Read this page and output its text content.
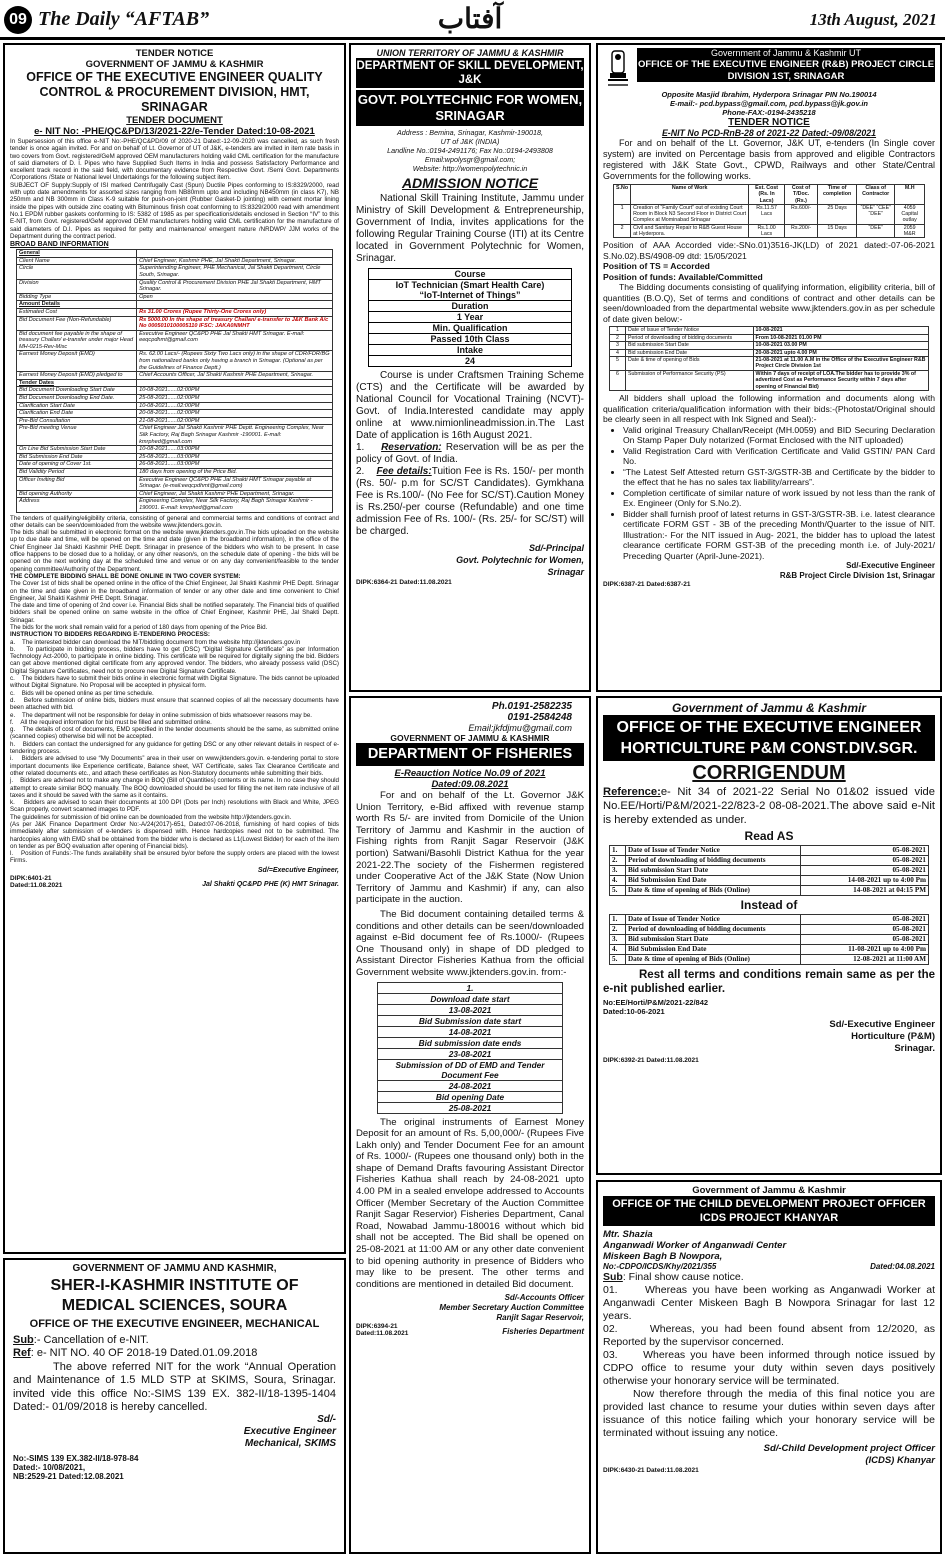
09 The Daily “AFTAB”	آفتاب	13th August, 2021
TENDER NOTICE
GOVERNMENT OF JAMMU & KASHMIR
OFFICE OF THE EXECUTIVE ENGINEER QUALITY CONTROL & PROCUREMENT DIVISION, HMT, SRINAGAR
TENDER DOCUMENT
e- NIT No: -PHE/QC&PD/13/2021-22/e-Tender Dated:10-08-2021

In Supersession of this office e-NIT No:-PHE/QC&PD/09 of 2020-21 Dated:-12-09-2020 was cancelled, as such fresh tender is once again invited. For and on behalf of Lt. Governor of UT of J&K, e-tenders are invited in item rate basis in two covers from Govt. registered/GeM approved OEM manufacturers holding valid CML certification for the manufacture of said diameters of D. I. Pipes who have Supplied Such Items in India and possess Satisfactory Performance and excellent track record in the said field, with documentary evidence from Respective Govt. /Semi Govt. Departments /Corporations /State or National level Undertakings for the following subject item.

SUBJECT OF Supply:Supply of ISI marked Centrifugally Cast (Spun) Ductile Pipes conforming to IS:8329/2000, read with upto date amendments for assorted sizes ranging from NB80mm upto and including NB450mm (in class K7), NB 250mm and NB 300mm in Class K-9 suitable for push-on-joint (Rubber Gasket-D jointing) with cement mortar lining inside the pipes with outside zinc coating with Bituminous finish coat conforming to IS:8329/2000 read with amendment No.1 EPDM rubber gaskets conforming to IS: 5382 of 1985 as per specifications/details enclosed in Section “IV” to this E-NIT, from Govt. registered/GeM approved OEM manufacturers holding valid CML certification for the manufacture of said diameters of D.I. Pipes as required for petty and maintenance/ emergent nature /NRDWP/ JJM works of the Department during the contract period.

BROAD BAND INFORMATION
General	
Client Name	Chief Engineer, Kashmir PHE, Jal Shakti Department, Srinagar.
Circle	Superintending Engineer, PHE Mechanical, Jal Shakti Department, Circle South, Srinagar.
Division	Quality Control & Procurement Division PHE Jal Shakti Department, HMT Srinagar.
Bidding Type	Open
Amount Details	
Estimated Cost	Rs 31.00 Crores (Rupee Thirty-One Crores only)
Bid Document Fee (Non-Refundable)	Rs 5000.00 In the shape of treasury Challan/ e-transfer to J&K Bank A/c No 0005010100005110 IFSC: JAKA0NMHT
Bid document fee payable in the shape of treasury Challan/ e-transfer under major Head MH-0215-Rev-Misc	Executive Engineer QC&PD PHE Jal Shakti HMT Srinagar. E-mail: eeqcpdhmt@gmail.com
Earnest Money Deposit (EMD)	Rs. 62.00 Lacs/- (Rupees Sixty Two Lacs only) in the shape of CDR/FDR/BG from nationalized banks only having a branch in Srinagar. (Optional as per the Guidelines of Finance Deptt.)
Earnest Money Deposit (EMD) pledged to	Chief Accounts Officer, Jal Shakti Kashmir PHE Department, Srinagar.
Tender Dates	
Bid Document Downloading Start Date	10-08-2021......02:00PM
Bid Document Downloading End Date.	25-08-2021......02:00PM
Clarification Start Date	10-08-2021......02:00PM
Clarification End Date	20-08-2021......02:00PM
Pre-Bid Consultation	21-08-2021......02:00PM
Pre-Bid meeting Venue	Chief Engineer Jal Shakti Kashmir PHE Deptt. Engineering Complex, Near Silk Factory, Raj Bagh Srinagar Kashmir -190001. E-mail: kmrphed@gmail.com
On Line Bid Submission Start Date	10-08-2021......03:00PM
Bid Submission End Date	25-08-2021......03:00PM
Date of opening of Cover 1st.	26-08-2021......03:00PM
Bid Validity Period	180 days from opening of the Price Bid.
Officer Inviting Bid	Executive Engineer QC&PD PHE Jal Shakti HMT Srinagar payable at Srinagar. (e-mail:eeqcpdhmt@gmail.com)
Bid opening Authority	Chief Engineer, Jal Shakti Kashmir PHE Department, Srinagar.
Address	Engineering Complex, Near Silk Factory, Raj Bagh Srinagar Kashmir - 190001. E-mail: kmrphed@gmail.com

The tenders of qualifying/eligibility criteria, consisting of general and commercial terms and conditions of contract and other details can be seen/downloaded from the website www.jktenders.gov.in.

The bids shall be submitted in electronic format on the website www.jktenders.gov.in.The bids uploaded on the website up to due date and time, will be opened on the time and date (given in the broadband information), in the office of the Chief Engineer Jal Shakti Kashmir PHE Deptt. Srinagar in presence of the bidders who wish to be present. In case office happens to be closed due to a holiday, or any other reason/s, on the schedule date of opening - the bids will be opened on the next working day at the scheduled time and venue or on any day convenient/feasible to the tender opening committee/Authority of the Department.

THE COMPLETE BIDDING SHALL BE DONE ONLINE IN TWO COVER SYSTEM:

The Cover 1st of bids shall be opened online in the office of the Chief Engineer, Jal Shakti Kashmir PHE Deptt. Srinagar on the time and date given in the broadband information of tender or any other date and time convenient to Chief Engineer, Jal Shakti Kashmir PHE Deptt. Srinagar.

The date and time of opening of 2nd cover i.e. Financial Bids shall be notified separately. The Financial bids of qualified bidders shall be opened online on same website in the office of Chief Engineer, Kashmir PHE, Jal Shakti Deptt. Srinagar.

The bids for the work shall remain valid for a period of 180 days from opening of the Price Bid.

INSTRUCTION TO BIDDERS REGARDING E-TENDERING PROCESS:

a.    The interested bidder can download the NIT/bidding document from the website http://jktenders.gov.in

b.    To participate in bidding process, bidders have to get (DSC) “Digital Signature Certificate” as per Information Technology Act-2000, to participate in online bidding. This certificate will be required for digitally signing the bid. Bidders can get above mentioned digital certificate from any approved vendor. The bidders, who already possess valid (DSC) Digital Signature Certificates, need not to procure new Digital Signature Certificate.

c.    The bidders have to submit their bids online in electronic format with Digital Signature. The bids cannot be uploaded without Digital Signature. No Proposal will be accepted in physical form.

c.    Bids will be opened online as per time schedule.

d.    Before submission of online bids, bidders must ensure that scanned copies of all the necessary documents have been attached with bid.

e.    The department will not be responsible for delay in online submission of bids whatsoever reasons may be.

f.    All the required information for bid must be filled and submitted online.

g.    The details of cost of documents, EMD specified in the tender documents should be the same, as submitted online (scanned copies) otherwise bid will not be accepted.

h.    Bidders can contact the undersigned for any guidance for getting DSC or any other relevant details in respect of e-tendering process.

i.    Bidders are advised to use “My Documents” area in their user on www.jktenders.gov.in. e-tendering portal to store important documents like Experience certificate, Balance sheet, VAT Certificate, sales Tax Clearance Certificate and other related documents etc., and attach these certificates as Non-Statutory documents while submitting their bids.

j.    Bidders are advised not to make any change in BOQ (Bill of Quantities) contents or its name. In no case they should attempt to create similar BOQ manually. The BOQ downloaded should be used for filling the net item rate inclusive of all taxes and it should be saved with the same as it contains.

k.    Bidders are advised to scan their documents at 100 DPI (Dots per Inch) resolutions with Black and White, JPEG Scan properly, convert scanned images to PDF.

The guidelines for submission of bid online can be downloaded from the website http://jktenders.gov.in.

(As per J&K Finance Department Order No:-A/24(2017)-651, Dated:07-06-2018, furnishing of hard copies of bids immediately after submission of e-tenders is dispensed with. Hence hardcopies need not to be submitted. The hardcopies along with EMD shall be obtained from the bidder who is declared as L1(Lowest Bidder) for each of the item on tender as per BOQ evaluation after opening of Financial bids).

l.    Position of Funds:-The funds availability shall be ensured by/or before the supply orders are placed with the lowest Firms.

Sd/=Executive Engineer,
DIPK:6401-21
Dated:11.08.2021	Jal Shakti QC&PD PHE (K) HMT Srinagar.
GOVERNMENT OF JAMMU AND KASHMIR,
SHER-I-KASHMIR INSTITUTE OF MEDICAL SCIENCES, SOURA
OFFICE OF THE EXECUTIVE ENGINEER, MECHANICAL
Sub:- Cancellation of e-NIT.
Ref: e- NIT NO. 40 OF 2018-19 Dated.01.09.2018

The above referred NIT for the work “Annual Operation and Maintenance of 1.5 MLD STP at SKIMS, Soura, Srinagar. invited vide this office No:-SIMS 139 EX. 382-II/18-1395-1404 Dated:- 01/09/2018 is hereby cancelled.

Sd/-
Executive Engineer
Mechanical, SKIMS
No:-SIMS 139 EX.382-II/18-978-84
Dated:- 10/08/2021,
NB:2529-21 Dated:12.08.2021
UNION TERRITORY OF JAMMU & KASHMIR
DEPARTMENT OF SKILL DEVELOPMENT, J&K
GOVT. POLYTECHNIC FOR WOMEN, SRINAGAR
Address : Bemina, Srinagar, Kashmir-190018,
UT of J&K (INDIA)
Landline No.:0194-2491176; Fax No.:0194-2493808
Email:wpolysgr@gmail.com;
Website: http://womenpolytechnic.in
ADMISSION NOTICE

National Skill Training Institute, Jammu under Ministry of Skill Development & Entrepreneurship, Government of India, invites applications for the following Regular Training Course (ITI) at its Centre located in Government Polytechnic for Women, Srinagar.

Course
IoT Technician (Smart Health Care)
“IoT-Internet of Things”
Duration
1 Year
Min. Qualification
Passed 10th Class
Intake
24

Course is under Craftsmen Training Scheme (CTS) and the Certificate will be awarded by National Council for Vocational Training (NCVT)-Govt. of India.Interested candidate may apply online at www.nimionlineadmission.in.The Last Date of application is 16th August 2021.

1.    Reservation: Reservation will be as per the policy of Govt. of India.

2.    Fee details:Tuition Fee is Rs. 150/- per month (Rs. 50/- p.m for SC/ST Candidates). Gymkhana Fee is Rs.100/- (No Fee for SC/ST).Caution Money is Rs.250/-per course (Refundable) and one time admission Fee of Rs. 100/- (Rs. 25/- for SC/ST) will be charged.

Sd/-Principal
Govt. Polytechnic for Women,
Srinagar
DIPK:6364-21 Dated:11.08.2021
Ph.0191-2582235
0191-2584248
Email:jkfdjmu@gmail.com
GOVERNMENT OF JAMMU & KASHMIR
DEPARTMENT OF FISHERIES
E-Reauction Notice No.09 of 2021
Dated:09.08.2021

For and on behalf of the Lt. Governor J&K Union Territory, e-Bid affixed with revenue stamp worth Rs 5/- are invited from Domicile of the Union Territory of Jammu and Kashmir in the auction of Fishing rights from Ranjit Sagar Reservoir (J&K portion) Satwani/Basohli District Kathua for the year 2021-22.The society of the Fishermen registered under Cooperative Act of the J&K State (Now Union Territory of Jammu and Kashmir) if any, can also participate in the auction.

The Bid document containing detailed terms & conditions and other details can be seen/downloaded against e-Bid document fee of Rs.1000/- (Rupees One Thousand only) in shape of DD pledged to Assistant Director Fisheries Kathua from the official Government website www.jktenders.gov.in. from:-

1.
Download date start
13-08-2021
Bid Submission date start
14-08-2021
Bid submission date ends
23-08-2021
Submission of DD of EMD and Tender Document Fee
24-08-2021
Bid opening Date
25-08-2021

The original instruments of Earnest Money Deposit for an amount of Rs. 5,00,000/- (Rupees Five Lakh only) and Tender Document Fee for an amount of Rs. 1000/- (Rupees one thousand only) both in the shape of Demand Drafts favouring Assistant Director Fisheries Kathua shall reach by 24-08-2021 upto 4.00 PM in a sealed envelope addressed to Accounts Officer (Member Secretary of the Auction Committee Ranjit Sagar Reservior) Fisheries Department, Canal Road, Nowabad Jammu-180016 without which bid shall not be accepted. The Bid shall be opened on 25-08-2021 at 11:00 AM or any other date convenient to bid opening authority in presence of Bidders who may like to be present. The other terms and conditions are mentioned in detailed Bid document.

Sd/-Accounts Officer
Member Secretary Auction Committee
Ranjit Sagar Reservoir,
DIPK:6394-21
Dated:11.08.2021	Fisheries Department
Government of Jammu & Kashmir UT
OFFICE OF THE EXECUTIVE ENGINEER (R&B) PROJECT CIRCLE DIVISION 1ST, SRINAGAR
Opposite Masjid Ibrahim, Hyderpora Srinagar PIN No.190014
E-mail:- pcd.bypass@gmail.com, pcd.bypass@jk.gov.in
Phone-FAX:-0194-2435218
TENDER NOTICE
E-NIT No PCD-RnB-28 of 2021-22 Dated:-09/08/2021

For and on behalf of the Lt. Governor, J&K UT, e-tenders (In Single cover system) are invited on Percentage basis from approved and eligible Contractors registered with J&K State Govt., CPWD, Railways and other State/Central Governments for the following works.

S.No	Name of Work	Est. Cost (Rs. In Lacs)	Cost of T/Doc. (Rs.)	Time of completion	Class of Contractor	M.H
1	Creation of “Family Court” out of existing Court Room in Block N3 Second Floor in District Court Complex at Mominabad Srinagar	Rs.11.57 Lacs	Rs.600/-	25 Days	“DEE” “CEE” “DEE”	4059 Capital outlay
2	Civil and Sanitary Repair to R&B Guest House at Hyderpora.	Rs.1.00 Lacs	Rs.200/-	15 Days	“DEE”	2059 M&R

Position of AAA Accorded vide:-SNo.01)3516-JK(LD) of 2021 dated:-07-06-2021 S.No.02).BS/4908-09 dtd: 15/05/2021

Position of TS = Accorded

Position of funds: Available/Committed

The Bidding documents consisting of qualifying information, eligibility criteria, bill of quantities (B.O.Q), Set of terms and conditions of contract and other details can be seen/downloaded from the departmental website www.jktenders.gov.in as per schedule of date given below:-

1	Date of Issue of Tender Notice	10-08-2021
2	Period of downloading of bidding documents	From 10-08-2021 01.00 PM
3	Bid submission Start Date	10-08-2021 03.00 PM
4	Bid submission End Date	20-08-2021 upto 4.00 PM
5	Date & time of opening of Bids	21-08-2021 at 11.00 A.M in the Office of the Executive Engineer R&B Project Circle Division 1st
6	Submission of Performance Security (PS)	Within 7 days of receipt of LOA.The bidder has to provide 3% of advertized Cost as Performance Security within 7 days after opening of Financial Bid)

All bidders shall upload the following information and documents along with qualification criteria/qualification information with their bids:-(Photostat/Original should be clearly seen in all respect with Ink Signed and Seal):-

• Valid original Treasury Challan/Receipt (MH.0059) and BID Securing Declaration On Stamp Paper Duly notarized (Format Enclosed with the NIT uploaded)
• Valid Registration Card with Verification Certificate and Valid GSTIN/ PAN Card No.
• “The Latest Self Attested return GST-3/GSTR-3B and Certificate by the bidder to the effect that he has no sales tax liability/arrears”.
• Completion certificate of similar nature of work issued by not less than the rank of Ex. Engineer (Only for S.No.2).
• Bidder shall furnish proof of latest returns in GST-3/GSTR-3B. i.e. latest clearance certificate FORM GST - 3B of the preceding Month/Quarter to the issue of NIT. Illustration:- For the NIT issued in Aug- 2021, the bidder has to upload the latest clearance certificate FORM GST-3B of the preceding month i.e. of July-2021/ Preceding Quarter (April-June-2021).
Sd/-Executive Engineer
R&B Project Circle Division 1st, Srinagar
DIPK:6387-21 Dated:6387-21
Government of Jammu & Kashmir
OFFICE OF THE EXECUTIVE ENGINEER HORTICULTURE P&M CONST.DIV.SGR.
CORRIGENDUM

Reference:e- Nit 34 of 2021-22 Serial No 01&02 issued vide No.EE/Horti/P&M/2021-22/823-2 08-08-2021.The above said e-Nit is hereby extended as under.

Read AS
1.	Date of Issue of Tender Notice	05-08-2021
2.	Period of downloading of bidding documents	05-08-2021
3.	Bid submission Start Date	05-08-2021
4.	Bid Submission End Date	14-08-2021 up to 4:00 Pm
5.	Date & time of opening of Bids (Online)	14-08-2021 at 04:15 PM
Instead of
1.	Date of Issue of Tender Notice	05-08-2021
2.	Period of downloading of bidding documents	05-08-2021
3.	Bid submission Start Date	05-08-2021
4.	Bid Submission End Date	11-08-2021 up to 4:00 Pm
5.	Date & time of opening of Bids (Online)	12-08-2021 at 11:00 AM

Rest all terms and conditions remain same as per the e-nit published earlier.

No:EE/Horti/P&M/2021-22/842
Dated:10-06-2021
Sd/-Executive Engineer
Horticulture (P&M)
Srinagar.
DIPK:6392-21 Dated:11.08.2021
Government of Jammu & Kashmir
OFFICE OF THE CHILD DEVELOPMENT PROJECT OFFICER ICDS PROJECT KHANYAR
Mtr. Shazia
Anganwadi Worker of Anganwadi Center
Miskeen Bagh B Nowpora,
No:-CDPO/ICDS/Khy/2021/355	Dated:04.08.2021
Sub: Final show cause notice.

01.     Whereas you have been working as Anganwadi Worker at Anganwadi Center Miskeen Bagh B Nowpora Srinagar for last 12 years.

02.     Whereas, you had been found absent from 12/2020, as Reported by the supervisor concerned.

03.     Whereas you have been informed through notice issued by CDPO office to resume your duty within seven days positively otherwise your honorary service will be terminated.

Now therefore through the media of this final notice you are provided last chance to resume your duties within seven days after issuance of this notice failing which your honorary service will be terminated without issuing any notice.

Sd/-Child Development project Officer
(ICDS) Khanyar
DIPK:6430-21 Dated:11.08.2021
